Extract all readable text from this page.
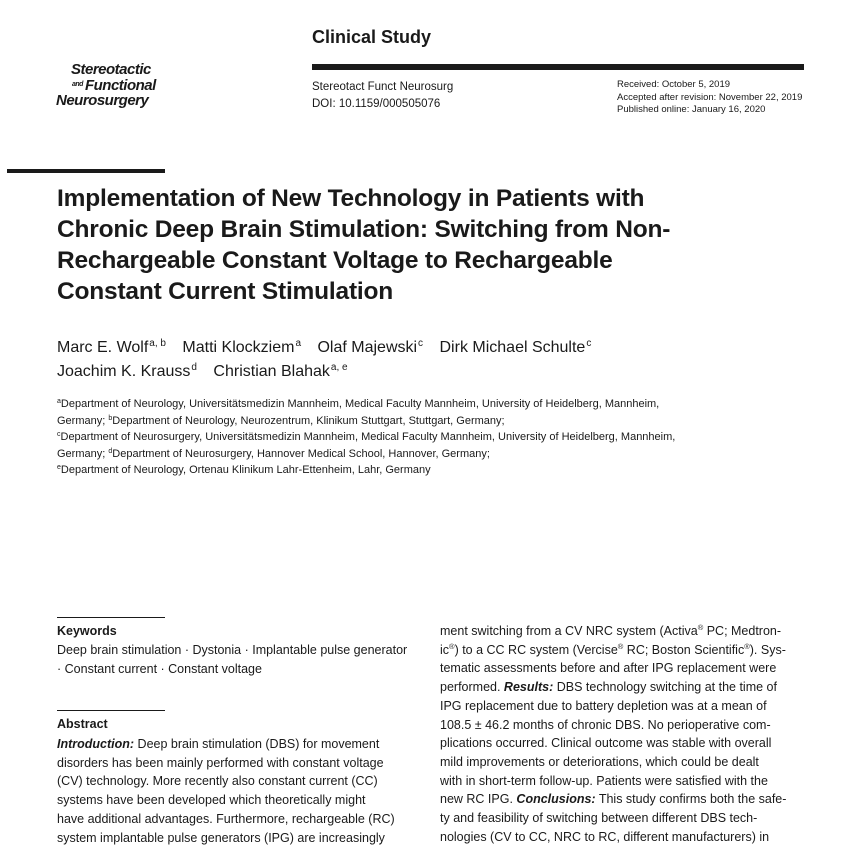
Stereotactic
$^{and}$ Functional
Neurosurgery
Clinical Study
Stereotact Funct Neurosurg
DOI: 10.1159/000505076
Received: October 5, 2019
Accepted after revision: November 22, 2019
Published online: January 16, 2020
Implementation of New Technology in Patients with Chronic Deep Brain Stimulation: Switching from Non-Rechargeable Constant Voltage to Rechargeable Constant Current Stimulation
Marc E. Wolf$^{a, b}$ Matti Klockziem$^a$ Olaf Majewski$^c$ Dirk Michael Schulte$^c$
Joachim K. Krauss$^d$ Christian Blahak$^{a, e}$
$^a$Department of Neurology, Universitätsmedizin Mannheim, Medical Faculty Mannheim, University of Heidelberg, Mannheim, Germany; $^b$Department of Neurology, Neurozentrum, Klinikum Stuttgart, Stuttgart, Germany;
$^c$Department of Neurosurgery, Universitätsmedizin Mannheim, Medical Faculty Mannheim, University of Heidelberg, Mannheim, Germany; $^d$Department of Neurosurgery, Hannover Medical School, Hannover, Germany;
$^e$Department of Neurology, Ortenau Klinikum Lahr-Ettenheim, Lahr, Germany
Keywords
Deep brain stimulation · Dystonia · Implantable pulse generator · Constant current · Constant voltage
Abstract
Introduction: Deep brain stimulation (DBS) for movement
disorders has been mainly performed with constant voltage
(CV) technology. More recently also constant current (CC)
systems have been developed which theoretically might
have additional advantages. Furthermore, rechargeable (RC)
system implantable pulse generators (IPG) are increasingly
ment switching from a CV NRC system (Activa® PC; Medtron-
ic®) to a CC RC system (Vercise® RC; Boston Scientific®). Sys-
tematic assessments before and after IPG replacement were
performed. Results: DBS technology switching at the time of
IPG replacement due to battery depletion was at a mean of
108.5 ± 46.2 months of chronic DBS. No perioperative com-
plications occurred. Clinical outcome was stable with overall
mild improvements or deteriorations, which could be dealt
with in short-term follow-up. Patients were satisfied with the
new RC IPG. Conclusions: This study confirms both the safe-
ty and feasibility of switching between different DBS tech-
nologies (CV to CC, NRC to RC, different manufacturers) in
